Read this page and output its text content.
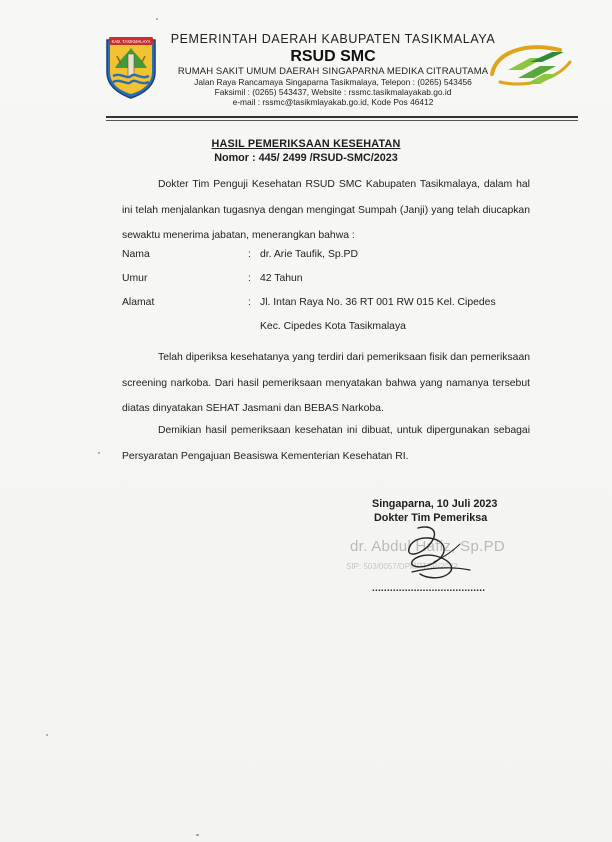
KAB. TASIKMALAYA PEMERINTAH DAERAH KABUPATEN TASIKMALAYA
RSUD SMC
RUMAH SAKIT UMUM DAERAH SINGAPARNA MEDIKA CITRAUTAMA
Jalan Raya Rancamaya Singaparna Tasikmalaya, Telepon : (0265) 543456
Faksimil : (0265) 543437, Website : rssmc.tasikmalayakab.go.id
e-mail : rssmc@tasikmlayakab.go.id, Kode Pos 46412
HASIL PEMERIKSAAN KESEHATAN
Nomor : 445/ 2499 /RSUD-SMC/2023
Dokter Tim Penguji Kesehatan RSUD SMC Kabupaten Tasikmalaya, dalam hal ini telah menjalankan tugasnya dengan mengingat Sumpah (Janji) yang telah diucapkan sewaktu menerima jabatan, menerangkan bahwa :
Nama	: dr. Arie Taufik, Sp.PD
Umur	: 42 Tahun
Alamat	: Jl. Intan Raya No. 36 RT 001 RW 015 Kel. Cipedes
Kec. Cipedes Kota Tasikmalaya
Telah diperiksa kesehatanya yang terdiri dari pemeriksaan fisik dan pemeriksaan screening narkoba. Dari hasil pemeriksaan menyatakan bahwa yang namanya tersebut diatas dinyatakan SEHAT Jasmani dan BEBAS Narkoba.
Demikian hasil pemeriksaan kesehatan ini dibuat, untuk dipergunakan sebagai Persyaratan Pengajuan Beasiswa Kementerian Kesehatan RI.
Singaparna, 10 Juli 2023
Dokter Tim Pemeriksa
dr. Abdul Hafiz, Sp.PD
SIP: 503/0057/DPMPTSP/2022
......................................
